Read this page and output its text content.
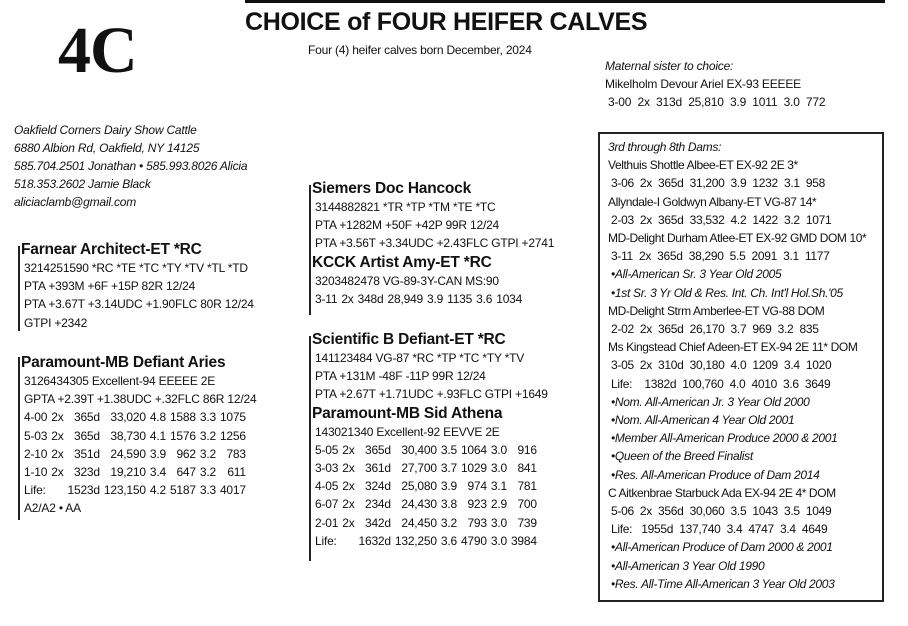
4C	CHOICE of FOUR HEIFER CALVES
Four (4) heifer calves born December, 2024
Oakfield Corners Dairy Show Cattle
6880 Albion Rd, Oakfield, NY 14125
585.704.2501 Jonathan • 585.993.8026 Alicia
518.353.2602 Jamie Black
aliciaclamb@gmail.com
Farnear Architect-ET *RC
3214251590 *RC *TE *TC *TY *TV *TL *TD
PTA +393M +6F +15P 82R 12/24
PTA +3.67T +3.14UDC +1.90FLC 80R 12/24
GTPI +2342
Paramount-MB Defiant Aries
3126434305 Excellent-94 EEEEE 2E
GPTA +2.39T +1.38UDC +.32FLC 86R 12/24
4-00	2x	365d	33,020	4.8	1588	3.3	1075
5-03	2x	365d	38,730	4.1	1576	3.2	1256
2-10	2x	351d	24,590	3.9	962	3.2	783
1-10	2x	323d	19,210	3.4	647	3.2	611
Life:		1523d	123,150	4.2	5187	3.3	4017
A2/A2 • AA
Siemers Doc Hancock
3144882821 *TR *TP *TM *TE *TC
PTA +1282M +50F +42P 99R 12/24
PTA +3.56T +3.34UDC +2.43FLC GTPI +2741
KCCK Artist Amy-ET *RC
3203482478 VG-89-3Y-CAN MS:90
3-11	2x	348d	28,949	3.9	1135	3.6	1034
Scientific B Defiant-ET *RC
141123484 VG-87 *RC *TP *TC *TY *TV
PTA +131M -48F -11P 99R 12/24
PTA +2.67T +1.71UDC +.93FLC GTPI +1649
Paramount-MB Sid Athena
143021340 Excellent-92 EEVVE 2E
5-05	2x	365d	30,400	3.5	1064	3.0	916
3-03	2x	361d	27,700	3.7	1029	3.0	841
4-05	2x	324d	25,080	3.9	974	3.1	781
6-07	2x	234d	24,430	3.8	923	2.9	700
2-01	2x	342d	24,450	3.2	793	3.0	739
Life:		1632d	132,250	3.6	4790	3.0	3984
Maternal sister to choice:
Mikelholm Devour Ariel EX-93 EEEEE
3-00  2x  313d  25,810  3.9  1011  3.0  772
3rd through 8th Dams:
Velthuis Shottle Albee-ET EX-92 2E 3*
3-06  2x  365d  31,200  3.9  1232  3.1  958
Allyndale-I Goldwyn Albany-ET VG-87 14*
2-03  2x  365d  33,532  4.2  1422  3.2  1071
MD-Delight Durham Atlee-ET EX-92 GMD DOM 10*
3-11  2x  365d  38,290  5.5  2091  3.1  1177
•All-American Sr. 3 Year Old 2005
•1st Sr. 3 Yr Old & Res. Int. Ch. Int'l Hol.Sh.'05
MD-Delight Strm Amberlee-ET VG-88 DOM
2-02  2x  365d  26,170  3.7  969  3.2  835
Ms Kingstead Chief Adeen-ET EX-94 2E 11* DOM
3-05  2x  310d  30,180  4.0  1209  3.4  1020
Life:    1382d  100,760  4.0  4010  3.6  3649
•Nom. All-American Jr. 3 Year Old 2000
•Nom. All-American 4 Year Old 2001
•Member All-American Produce 2000 & 2001
•Queen of the Breed Finalist
•Res. All-American Produce of Dam 2014
C Aitkenbrae Starbuck Ada EX-94 2E 4* DOM
5-06  2x  356d  30,060  3.5  1043  3.5  1049
Life:   1955d  137,740  3.4  4747  3.4  4649
•All-American Produce of Dam 2000 & 2001
•All-American 3 Year Old 1990
•Res. All-Time All-American 3 Year Old 2003
